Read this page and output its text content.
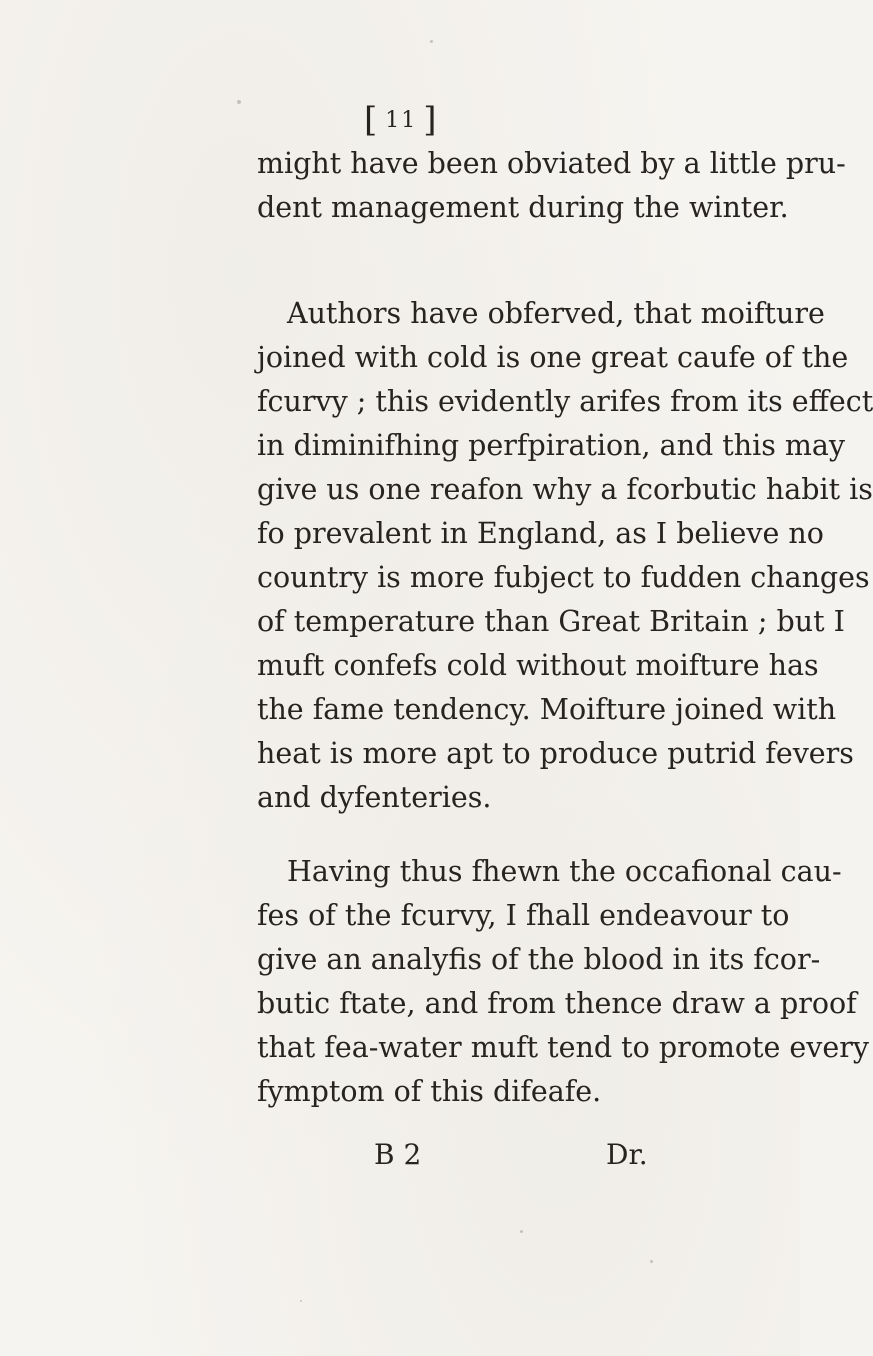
[ 11 ]
might have been obviated by a little pru-
dent management during the winter.
Authors have obferved, that moifture
joined with cold is one great caufe of the
fcurvy ; this evidently arifes from its effect
in diminifhing perfpiration, and this may
give us one reafon why a fcorbutic habit is
fo prevalent in England, as I believe no
country is more fubject to fudden changes
of temperature than Great Britain ; but I
muft confefs cold without moifture has
the fame tendency. Moifture joined with
heat is more apt to produce putrid fevers
and dyfenteries.
Having thus fhewn the occafional cau-
fes of the fcurvy, I fhall endeavour to
give an analyfis of the blood in its fcor-
butic ftate, and from thence draw a proof
that fea-water muft tend to promote every
fymptom of this difeafe.
B 2	Dr.
